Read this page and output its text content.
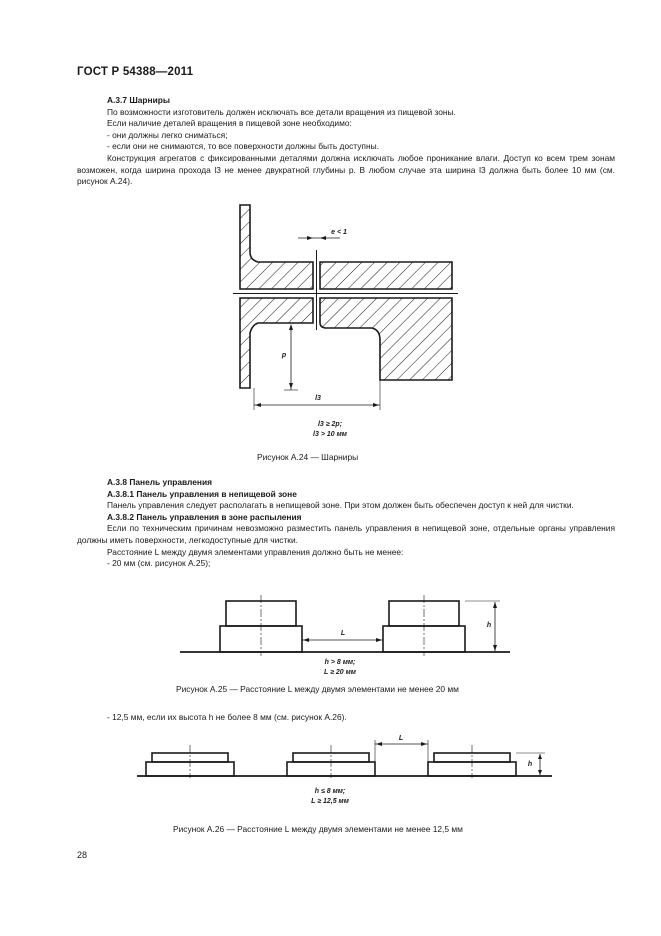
ГОСТ Р 54388—2011

А.3.7 Шарниры

По возможности изготовитель должен исключать все детали вращения из пищевой зоны.

Если наличие деталей вращения в пищевой зоне необходимо:

- они должны легко сниматься;

- если они не снимаются, то все поверхности должны быть доступны.

Конструкция агрегатов с фиксированными деталями должна исключать любое проникание влаги. Доступ ко всем трем зонам возможен, когда ширина прохода l3 не менее двукратной глубины p. В любом случае эта ширина l3 должна быть более 10 мм (см. рисунок А.24).

e < 1
p
l3
l3 ≥ 2p;
l3 > 10 мм
Рисунок А.24 — Шарниры

А.3.8 Панель управления

А.3.8.1 Панель управления в непищевой зоне

Панель управления следует располагать в непищевой зоне. При этом должен быть обеспечен доступ к ней для чистки.

А.3.8.2 Панель управления в зоне распыления

Если по техническим причинам невозможно разместить панель управления в непищевой зоне, отдельные органы управления должны иметь поверхности, легкодоступные для чистки.

Расстояние L между двумя элементами управления должно быть не менее:

- 20 мм (см. рисунок А.25);

L
h
h > 8 мм;
L ≥ 20 мм
Рисунок А.25 — Расстояние L между двумя элементами не менее 20 мм

- 12,5 мм, если их высота h не более 8 мм (см. рисунок А.26).

L
h
h ≤ 8 мм;
L ≥ 12,5 мм
Рисунок А.26 — Расстояние L между двумя элементами не менее 12,5 мм
28
